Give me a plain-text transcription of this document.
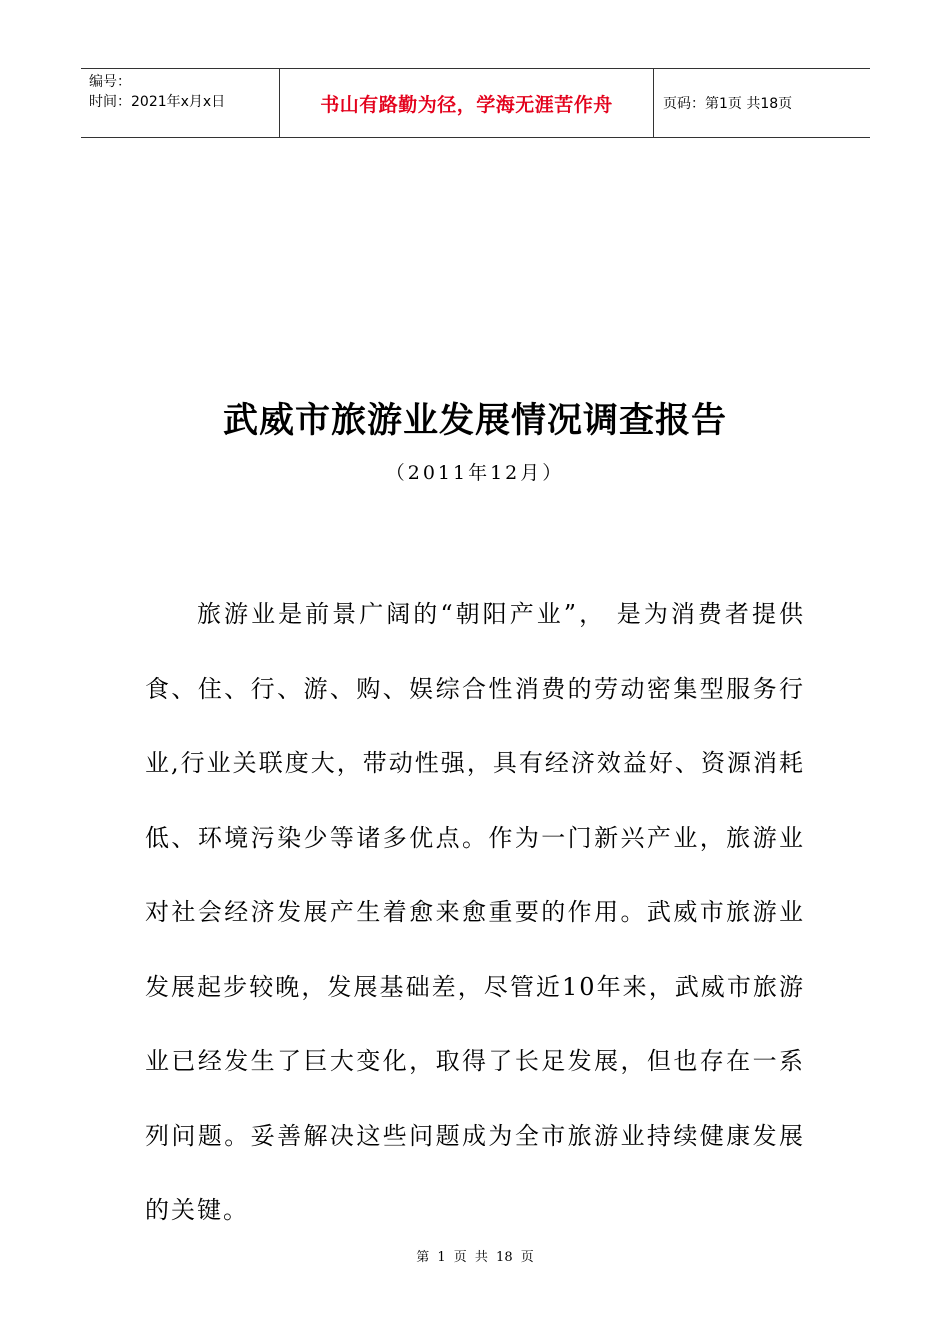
编号：
时间：2021年x月x日	书山有路勤为径，学海无涯苦作舟	页码：第1页 共18页
武威市旅游业发展情况调查报告
（2011年12月）

旅游业是前景广阔的“朝阳产业”， 是为消费者提供食、住、行、游、购、娱综合性消费的劳动密集型服务行业,行业关联度大，带动性强，具有经济效益好、资源消耗低、环境污染少等诸多优点。作为一门新兴产业，旅游业对社会经济发展产生着愈来愈重要的作用。武威市旅游业发展起步较晚，发展基础差，尽管近10年来，武威市旅游业已经发生了巨大变化，取得了长足发展，但也存在一系列问题。妥善解决这些问题成为全市旅游业持续健康发展的关键。

第 1 页 共 18 页
